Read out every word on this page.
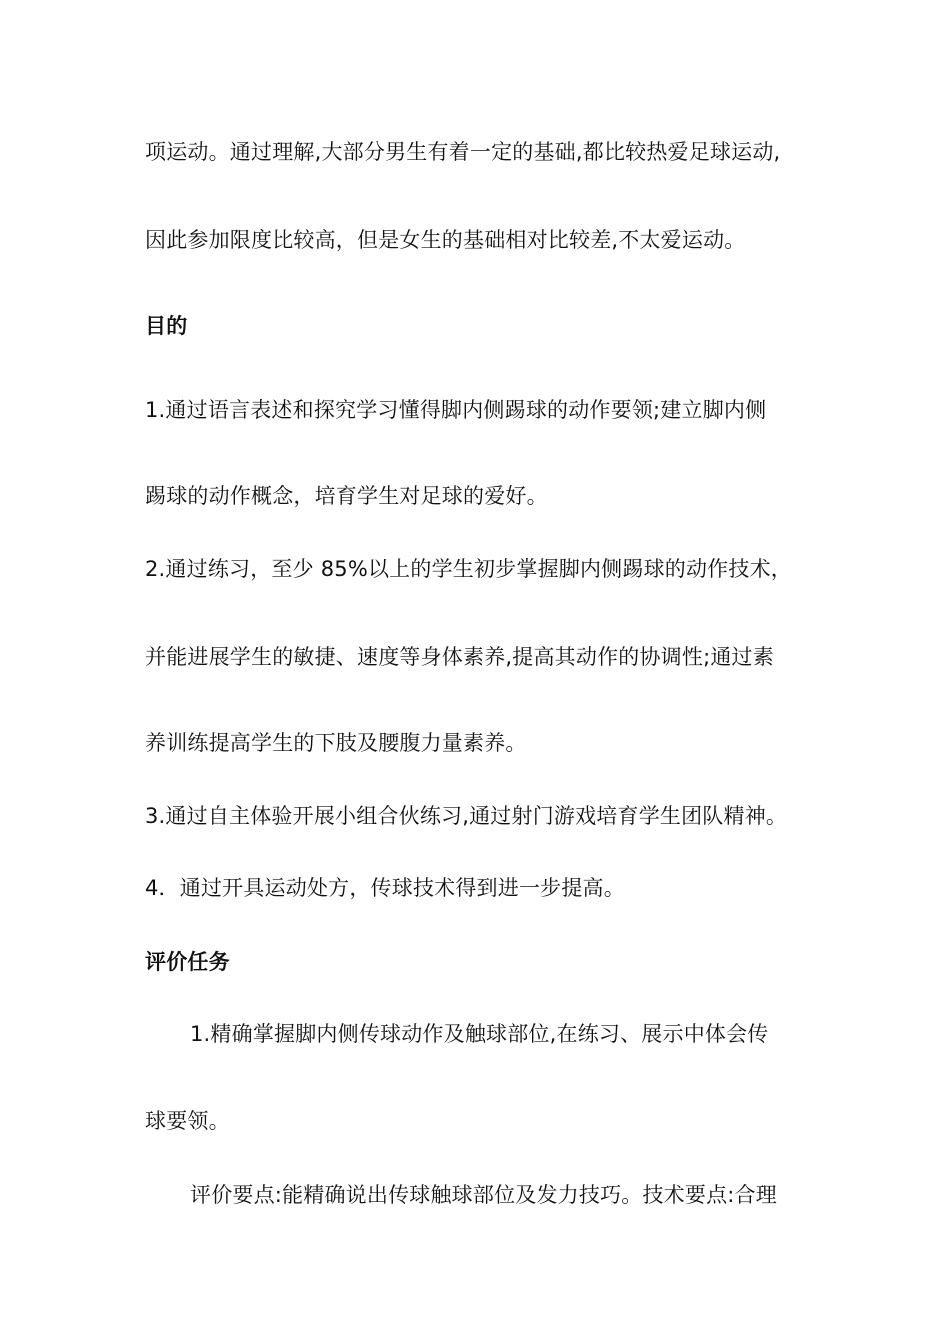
项运动。通过理解,大部分男生有着一定的基础,都比较热爱足球运动,
因此参加限度比较高，但是女生的基础相对比较差,不太爱运动。
目的
1.通过语言表述和探究学习懂得脚内侧踢球的动作要领;建立脚内侧
踢球的动作概念，培育学生对足球的爱好。
2.通过练习，至少 85%以上的学生初步掌握脚内侧踢球的动作技术，
并能进展学生的敏捷、速度等身体素养,提高其动作的协调性;通过素
养训练提高学生的下肢及腰腹力量素养。
3.通过自主体验开展小组合伙练习,通过射门游戏培育学生团队精神。
4．通过开具运动处方，传球技术得到进一步提高。
评价任务
1.精确掌握脚内侧传球动作及触球部位,在练习、展示中体会传
球要领。
评价要点:能精确说出传球触球部位及发力技巧。技术要点:合理
